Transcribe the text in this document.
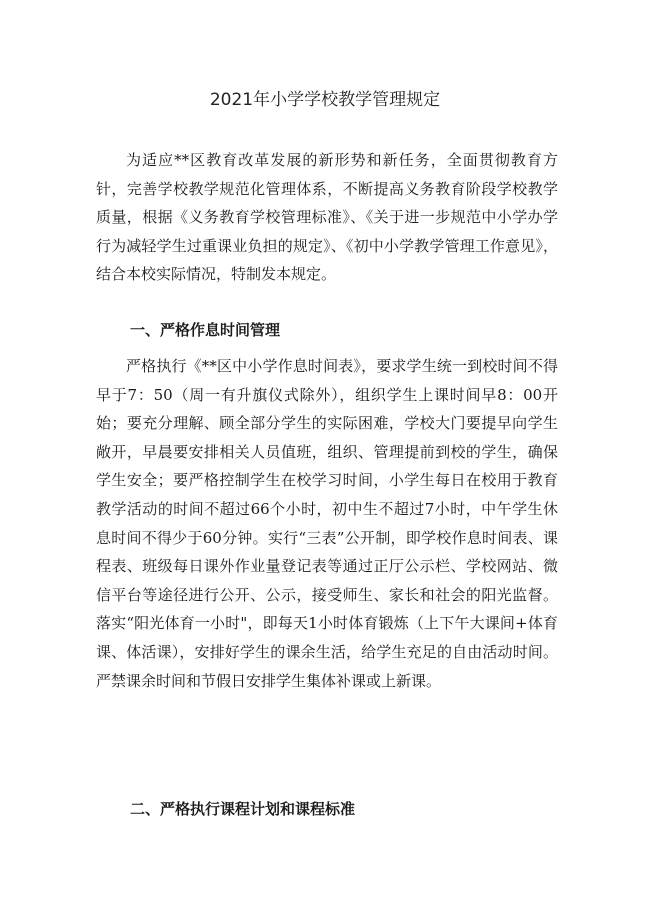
2021年小学学校教学管理规定

为适应**区教育改革发展的新形势和新任务，全面贯彻教育方针，完善学校教学规范化管理体系，不断提高义务教育阶段学校教学质量，根据《义务教育学校管理标准》、《关于进一步规范中小学办学行为减轻学生过重课业负担的规定》、《初中小学教学管理工作意见》，结合本校实际情况，特制发本规定。

一、严格作息时间管理

严格执行《**区中小学作息时间表》，要求学生统一到校时间不得早于7：50（周一有升旗仪式除外），组织学生上课时间早8：00开始；要充分理解、顾全部分学生的实际困难，学校大门要提早向学生敞开，早晨要安排相关人员值班，组织、管理提前到校的学生，确保学生安全；要严格控制学生在校学习时间，小学生每日在校用于教育教学活动的时间不超过66个小时，初中生不超过7小时，中午学生休息时间不得少于60分钟。实行“三表”公开制，即学校作息时间表、课程表、班级每日课外作业量登记表等通过正厅公示栏、学校网站、微信平台等途径进行公开、公示，接受师生、家长和社会的阳光监督。落实“阳光体育一小时"，即每天1小时体育锻炼（上下午大课间+体育课、体活课），安排好学生的课余生活，给学生充足的自由活动时间。严禁课余时间和节假日安排学生集体补课或上新课。

二、严格执行课程计划和课程标准
